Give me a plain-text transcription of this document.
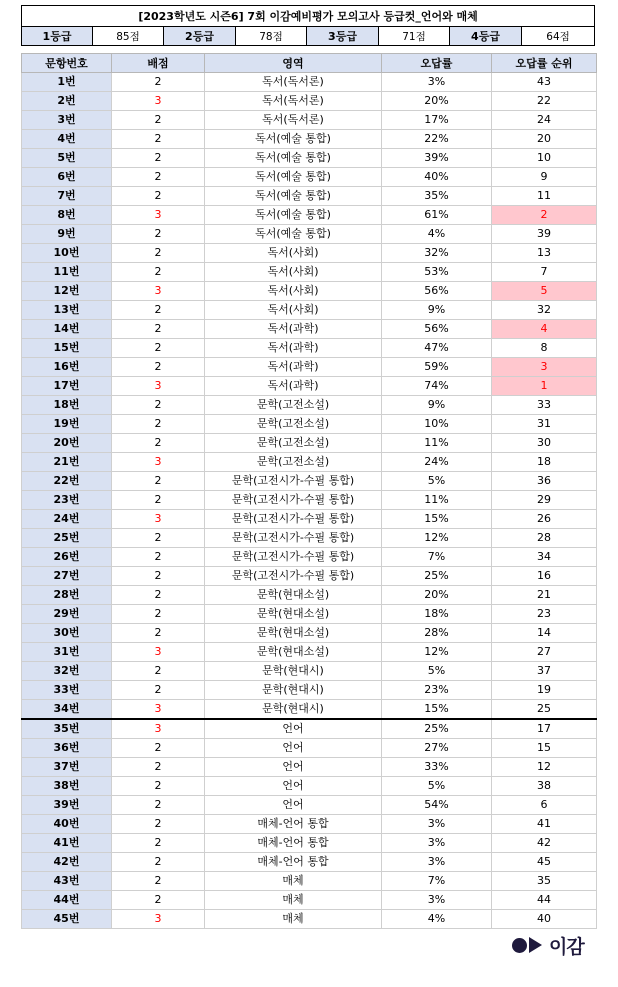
[2023학년도 시즌6] 7회 이감예비평가 모의고사 등급컷_언어와 매체
1등급	85점	2등급	78점	3등급	71점	4등급	64점
문항번호	배점	영역	오답률	오답률 순위
1번	2	독서(독서론)	3%	43
2번	3	독서(독서론)	20%	22
3번	2	독서(독서론)	17%	24
4번	2	독서(예술 통합)	22%	20
5번	2	독서(예술 통합)	39%	10
6번	2	독서(예술 통합)	40%	9
7번	2	독서(예술 통합)	35%	11
8번	3	독서(예술 통합)	61%	2
9번	2	독서(예술 통합)	4%	39
10번	2	독서(사회)	32%	13
11번	2	독서(사회)	53%	7
12번	3	독서(사회)	56%	5
13번	2	독서(사회)	9%	32
14번	2	독서(과학)	56%	4
15번	2	독서(과학)	47%	8
16번	2	독서(과학)	59%	3
17번	3	독서(과학)	74%	1
18번	2	문학(고전소설)	9%	33
19번	2	문학(고전소설)	10%	31
20번	2	문학(고전소설)	11%	30
21번	3	문학(고전소설)	24%	18
22번	2	문학(고전시가-수필 통합)	5%	36
23번	2	문학(고전시가-수필 통합)	11%	29
24번	3	문학(고전시가-수필 통합)	15%	26
25번	2	문학(고전시가-수필 통합)	12%	28
26번	2	문학(고전시가-수필 통합)	7%	34
27번	2	문학(고전시가-수필 통합)	25%	16
28번	2	문학(현대소설)	20%	21
29번	2	문학(현대소설)	18%	23
30번	2	문학(현대소설)	28%	14
31번	3	문학(현대소설)	12%	27
32번	2	문학(현대시)	5%	37
33번	2	문학(현대시)	23%	19
34번	3	문학(현대시)	15%	25
35번	3	언어	25%	17
36번	2	언어	27%	15
37번	2	언어	33%	12
38번	2	언어	5%	38
39번	2	언어	54%	6
40번	2	매체-언어 통합	3%	41
41번	2	매체-언어 통합	3%	42
42번	2	매체-언어 통합	3%	45
43번	2	매체	7%	35
44번	2	매체	3%	44
45번	3	매체	4%	40
이감
